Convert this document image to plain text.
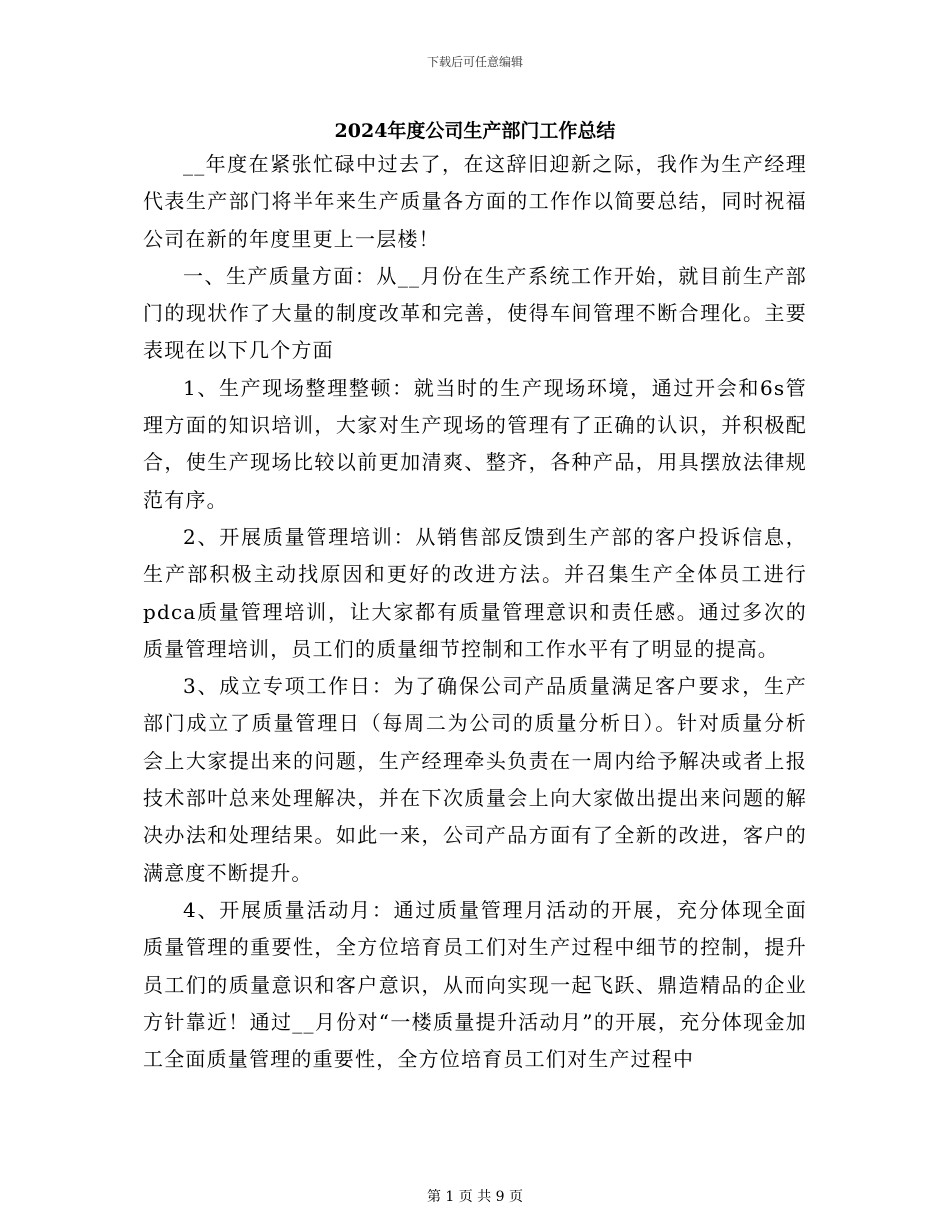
下载后可任意编辑
2024年度公司生产部门工作总结

__年度在紧张忙碌中过去了，在这辞旧迎新之际，我作为生产经理代表生产部门将半年来生产质量各方面的工作作以简要总结，同时祝福公司在新的年度里更上一层楼！

一、生产质量方面：从__月份在生产系统工作开始，就目前生产部门的现状作了大量的制度改革和完善，使得车间管理不断合理化。主要表现在以下几个方面

1、生产现场整理整顿：就当时的生产现场环境，通过开会和6s管理方面的知识培训，大家对生产现场的管理有了正确的认识，并积极配合，使生产现场比较以前更加清爽、整齐，各种产品，用具摆放法律规范有序。

2、开展质量管理培训：从销售部反馈到生产部的客户投诉信息，生产部积极主动找原因和更好的改进方法。并召集生产全体员工进行pdca质量管理培训，让大家都有质量管理意识和责任感。通过多次的质量管理培训，员工们的质量细节控制和工作水平有了明显的提高。

3、成立专项工作日：为了确保公司产品质量满足客户要求，生产部门成立了质量管理日（每周二为公司的质量分析日）。针对质量分析会上大家提出来的问题，生产经理牵头负责在一周内给予解决或者上报技术部叶总来处理解决，并在下次质量会上向大家做出提出来问题的解决办法和处理结果。如此一来，公司产品方面有了全新的改进，客户的满意度不断提升。

4、开展质量活动月：通过质量管理月活动的开展，充分体现全面质量管理的重要性，全方位培育员工们对生产过程中细节的控制，提升员工们的质量意识和客户意识，从而向实现一起飞跃、鼎造精品的企业方针靠近！通过__月份对“一楼质量提升活动月”的开展，充分体现金加工全面质量管理的重要性，全方位培育员工们对生产过程中

第 1 页 共 9 页
